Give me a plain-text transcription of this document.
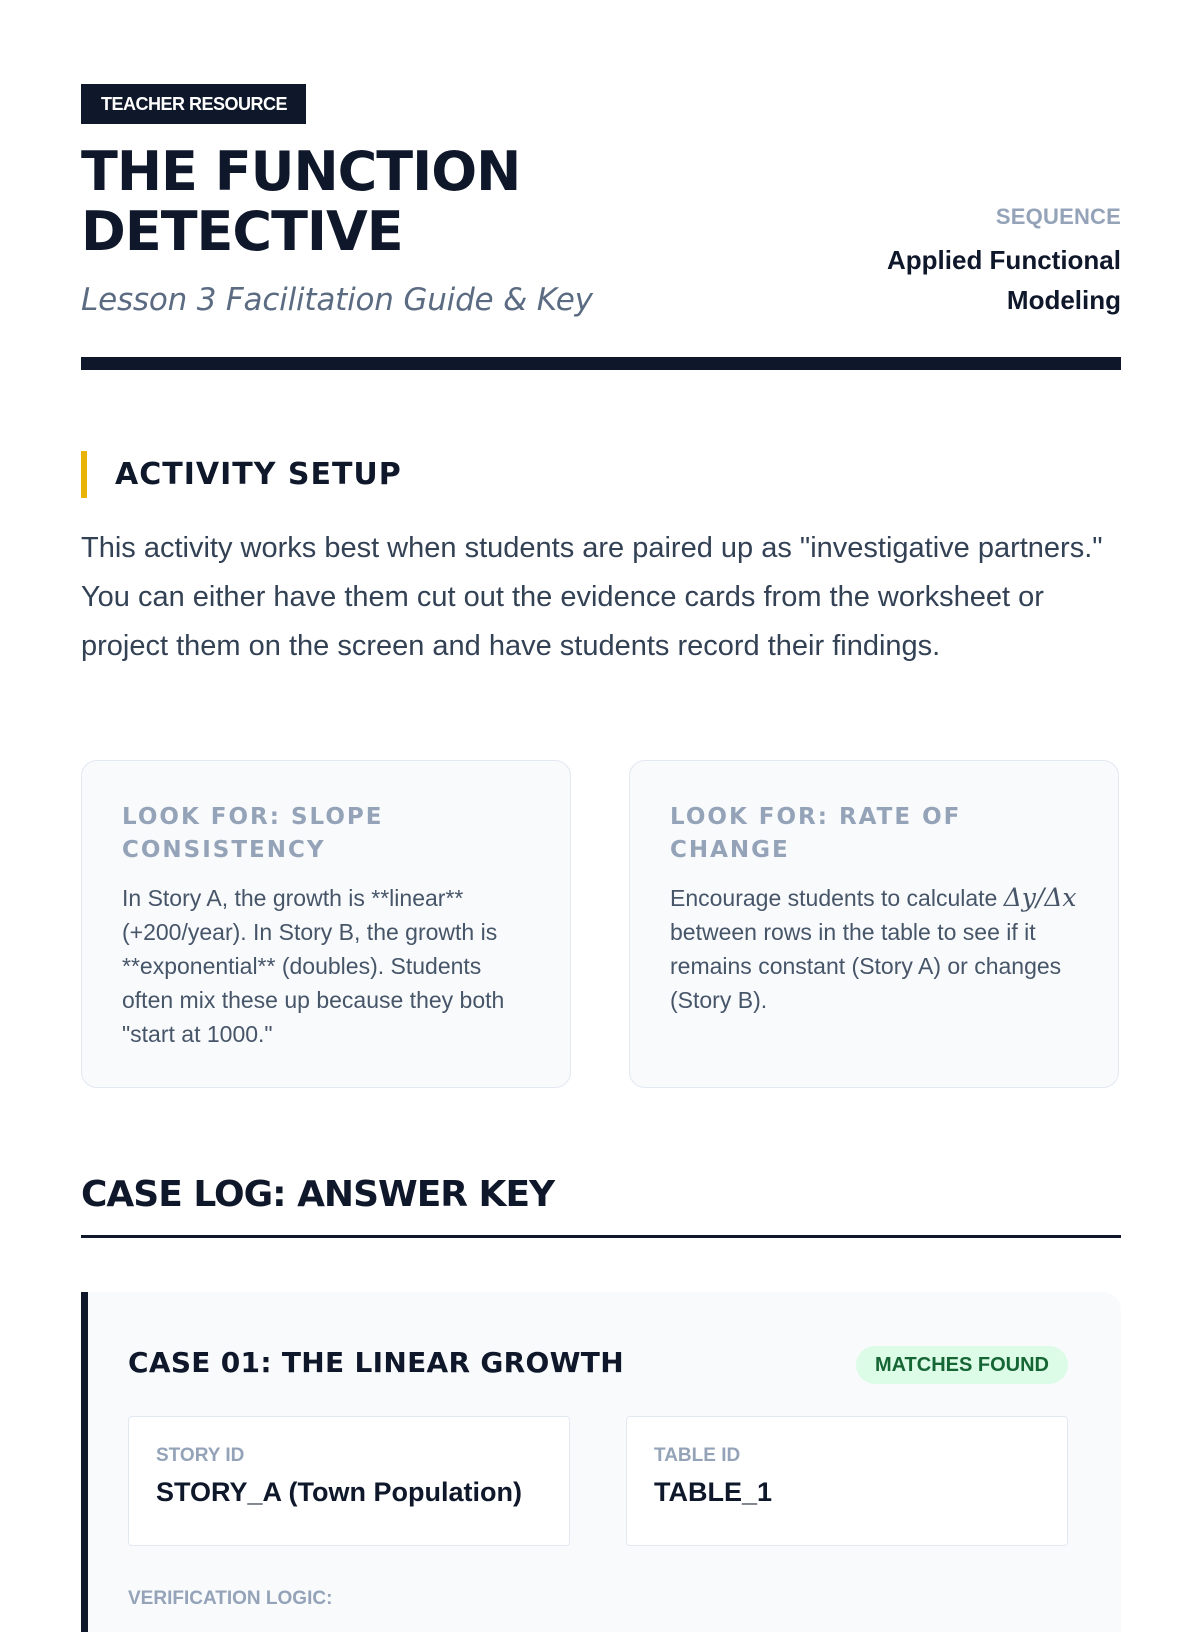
TEACHER RESOURCE
THE FUNCTION
DETECTIVE
Lesson 3 Facilitation Guide & Key
SEQUENCE
Applied Functional
Modeling
ACTIVITY SETUP
This activity works best when students are paired up as "investigative partners." You can either have them cut out the evidence cards from the worksheet or project them on the screen and have students record their findings.
LOOK FOR: SLOPE CONSISTENCY
In Story A, the growth is **linear** (+200/year). In Story B, the growth is **exponential** (doubles). Students often mix these up because they both "start at 1000."
LOOK FOR: RATE OF CHANGE
Encourage students to calculate Δy/Δx between rows in the table to see if it remains constant (Story A) or changes (Story B).
CASE LOG: ANSWER KEY
CASE 01: THE LINEAR GROWTH	MATCHES FOUND
STORY ID
STORY_A (Town Population)
TABLE ID
TABLE_1
VERIFICATION LOGIC:
